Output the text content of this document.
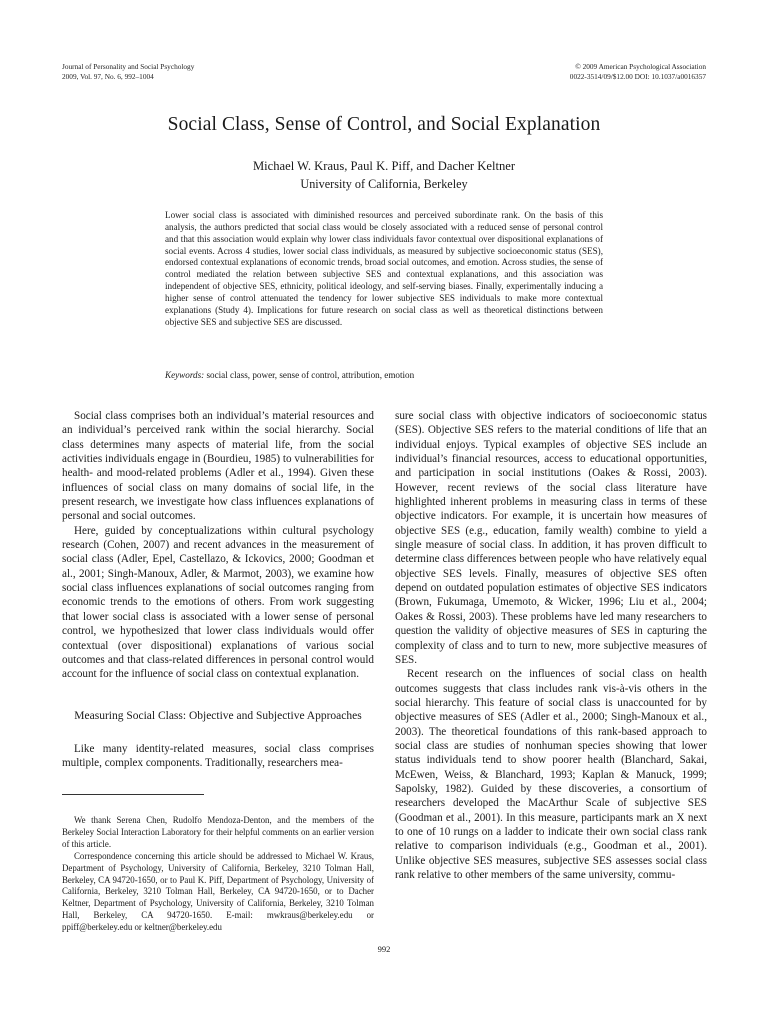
Journal of Personality and Social Psychology
2009, Vol. 97, No. 6, 992–1004
© 2009 American Psychological Association
0022-3514/09/$12.00 DOI: 10.1037/a0016357
Social Class, Sense of Control, and Social Explanation
Michael W. Kraus, Paul K. Piff, and Dacher Keltner
University of California, Berkeley
Lower social class is associated with diminished resources and perceived subordinate rank. On the basis of this analysis, the authors predicted that social class would be closely associated with a reduced sense of personal control and that this association would explain why lower class individuals favor contextual over dispositional explanations of social events. Across 4 studies, lower social class individuals, as measured by subjective socioeconomic status (SES), endorsed contextual explanations of economic trends, broad social outcomes, and emotion. Across studies, the sense of control mediated the relation between subjective SES and contextual explanations, and this association was independent of objective SES, ethnicity, political ideology, and self-serving biases. Finally, experimentally inducing a higher sense of control attenuated the tendency for lower subjective SES individuals to make more contextual explanations (Study 4). Implications for future research on social class as well as theoretical distinctions between objective SES and subjective SES are discussed.
Keywords: social class, power, sense of control, attribution, emotion

Social class comprises both an individual’s material resources and an individual’s perceived rank within the social hierarchy. Social class determines many aspects of material life, from the social activities individuals engage in (Bourdieu, 1985) to vulnerabilities for health- and mood-related problems (Adler et al., 1994). Given these influences of social class on many domains of social life, in the present research, we investigate how class influences explanations of personal and social outcomes.

Here, guided by conceptualizations within cultural psychology research (Cohen, 2007) and recent advances in the measurement of social class (Adler, Epel, Castellazo, & Ickovics, 2000; Goodman et al., 2001; Singh-Manoux, Adler, & Marmot, 2003), we examine how social class influences explanations of social outcomes ranging from economic trends to the emotions of others. From work suggesting that lower social class is associated with a lower sense of personal control, we hypothesized that lower class individuals would offer contextual (over dispositional) explanations of various social outcomes and that class-related differences in personal control would account for the influence of social class on contextual explanation.

Measuring Social Class: Objective and Subjective Approaches

Like many identity-related measures, social class comprises multiple, complex components. Traditionally, researchers mea-

We thank Serena Chen, Rudolfo Mendoza-Denton, and the members of the Berkeley Social Interaction Laboratory for their helpful comments on an earlier version of this article.

Correspondence concerning this article should be addressed to Michael W. Kraus, Department of Psychology, University of California, Berkeley, 3210 Tolman Hall, Berkeley, CA 94720-1650, or to Paul K. Piff, Department of Psychology, University of California, Berkeley, 3210 Tolman Hall, Berkeley, CA 94720-1650, or to Dacher Keltner, Department of Psychology, University of California, Berkeley, 3210 Tolman Hall, Berkeley, CA 94720-1650. E-mail: mwkraus@berkeley.edu or ppiff@berkeley.edu or keltner@berkeley.edu

sure social class with objective indicators of socioeconomic status (SES). Objective SES refers to the material conditions of life that an individual enjoys. Typical examples of objective SES include an individual’s financial resources, access to educational opportunities, and participation in social institutions (Oakes & Rossi, 2003). However, recent reviews of the social class literature have highlighted inherent problems in measuring class in terms of these objective indicators. For example, it is uncertain how measures of objective SES (e.g., education, family wealth) combine to yield a single measure of social class. In addition, it has proven difficult to determine class differences between people who have relatively equal objective SES levels. Finally, measures of objective SES often depend on outdated population estimates of objective SES indicators (Brown, Fukumaga, Umemoto, & Wicker, 1996; Liu et al., 2004; Oakes & Rossi, 2003). These problems have led many researchers to question the validity of objective measures of SES in capturing the complexity of class and to turn to new, more subjective measures of SES.

Recent research on the influences of social class on health outcomes suggests that class includes rank vis-à-vis others in the social hierarchy. This feature of social class is unaccounted for by objective measures of SES (Adler et al., 2000; Singh-Manoux et al., 2003). The theoretical foundations of this rank-based approach to social class are studies of nonhuman species showing that lower status individuals tend to show poorer health (Blanchard, Sakai, McEwen, Weiss, & Blanchard, 1993; Kaplan & Manuck, 1999; Sapolsky, 1982). Guided by these discoveries, a consortium of researchers developed the MacArthur Scale of subjective SES (Goodman et al., 2001). In this measure, participants mark an X next to one of 10 rungs on a ladder to indicate their own social class rank relative to comparison individuals (e.g., Goodman et al., 2001). Unlike objective SES measures, subjective SES assesses social class rank relative to other members of the same university, commu-

992
